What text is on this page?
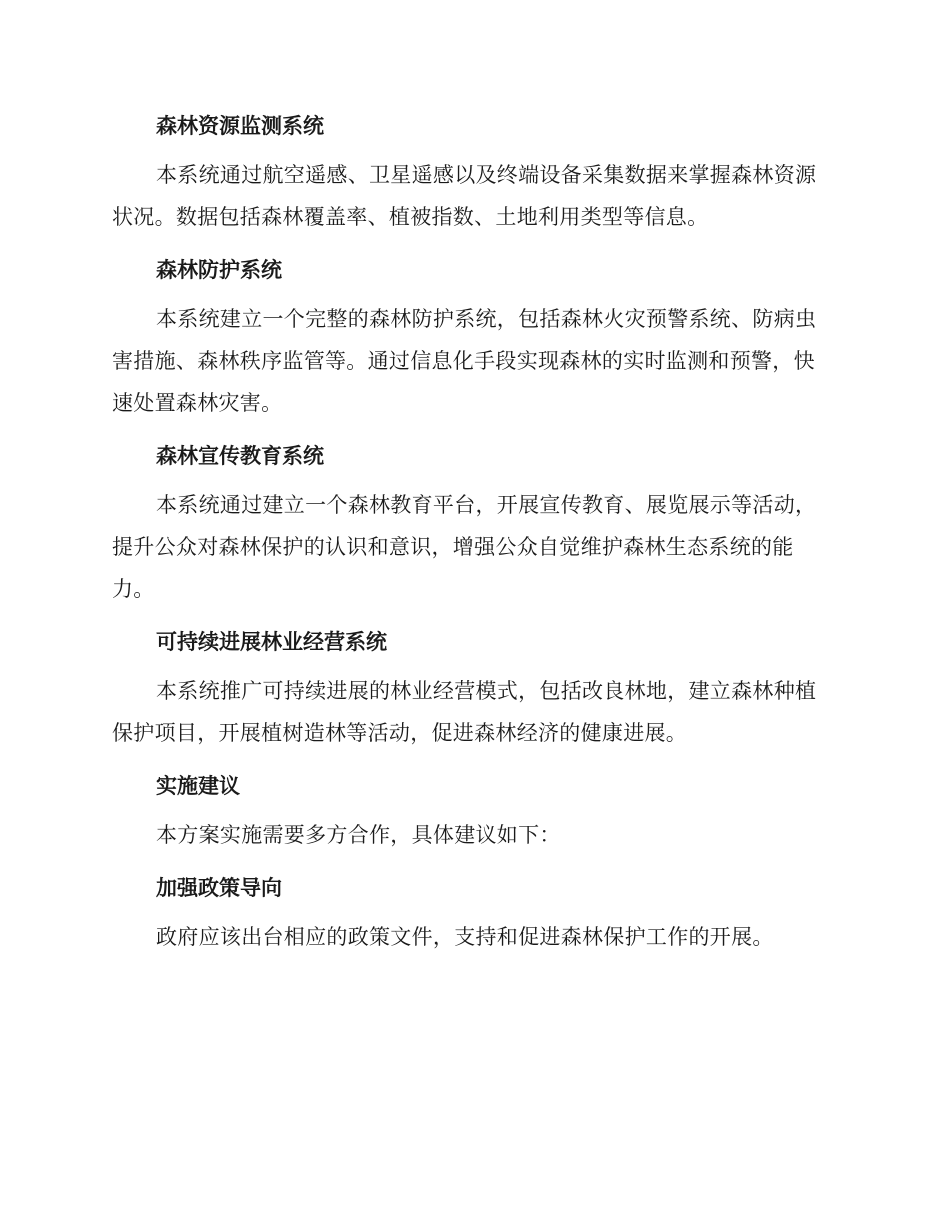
森林资源监测系统

本系统通过航空遥感、卫星遥感以及终端设备采集数据来掌握森林资源状况。数据包括森林覆盖率、植被指数、土地利用类型等信息。

森林防护系统

本系统建立一个完整的森林防护系统，包括森林火灾预警系统、防病虫害措施、森林秩序监管等。通过信息化手段实现森林的实时监测和预警，快速处置森林灾害。

森林宣传教育系统

本系统通过建立一个森林教育平台，开展宣传教育、展览展示等活动，提升公众对森林保护的认识和意识，增强公众自觉维护森林生态系统的能力。

可持续进展林业经营系统

本系统推广可持续进展的林业经营模式，包括改良林地，建立森林种植保护项目，开展植树造林等活动，促进森林经济的健康进展。

实施建议

本方案实施需要多方合作，具体建议如下：

加强政策导向

政府应该出台相应的政策文件，支持和促进森林保护工作的开展。
